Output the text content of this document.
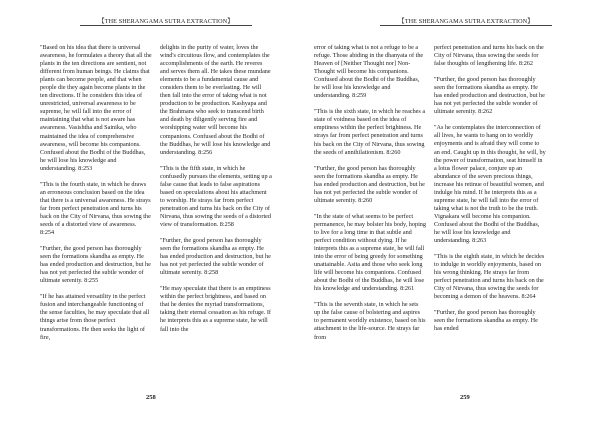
【THE SHERANGAMA SUTRA EXTRACTION】

"Based on his idea that there is universal awareness, he formulates a theory that all the plants in the ten directions are sentient, not different from human beings. He claims that plants can become people, and that when people die they again become plants in the ten directions. If he considers this idea of unrestricted, universal awareness to be supreme, he will fall into the error of maintaining that what is not aware has awareness. Vasishtha and Sainika, who maintained the idea of comprehensive awareness, will become his companions. Confused about the Bodhi of the Buddhas, he will lose his knowledge and understanding. 8:253

"This is the fourth state, in which he draws an erroneous conclusion based on the idea that there is a universal awareness. He strays far from perfect penetration and turns his back on the City of Nirvana, thus sowing the seeds of a distorted view of awareness. 8:254

"Further, the good person has thoroughly seen the formations skandha as empty. He has ended production and destruction, but he has not yet perfected the subtle wonder of ultimate serenity. 8:255

"If he has attained versatility in the perfect fusion and interchangeable functioning of the sense faculties, he may speculate that all things arise from those perfect transformations. He then seeks the light of fire,

delights in the purity of water, loves the wind's circuitous flow, and contemplates the accomplishments of the earth. He reveres and serves them all. He takes these mundane elements to be a fundamental cause and considers them to be everlasting. He will then fall into the error of taking what is not production to be production. Kashyapa and the Brahmans who seek to transcend birth and death by diligently serving fire and worshipping water will become his companions. Confused about the Bodhi of the Buddhas, he will lose his knowledge and understanding. 8:256

"This is the fifth state, in which he confusedly pursues the elements, setting up a false cause that leads to false aspirations based on speculations about his attachment to worship. He strays far from perfect penetration and turns his back on the City of Nirvana, thus sowing the seeds of a distorted view of transformation. 8:258

"Further, the good person has thoroughly seen the formations skandha as empty. He has ended production and destruction, but he has not yet perfected the subtle wonder of ultimate serenity. 8:258

"He may speculate that there is an emptiness within the perfect brightness, and based on that he denies the myriad transformations, taking their eternal cessation as his refuge. If he interprets this as a supreme state, he will fall into the

258
【THE SHERANGAMA SUTRA EXTRACTION】

error of taking what is not a refuge to be a refuge. Those abiding in the dhanyata of the Heaven of [Neither Thought nor] Non-Thought will become his companions. Confused about the Bodhi of the Buddhas, he will lose his knowledge and understanding. 8:259

"This is the sixth state, in which he reaches a state of voidness based on the idea of emptiness within the perfect brightness. He strays far from perfect penetration and turns his back on the City of Nirvana, thus sowing the seeds of annihilationism. 8:260

"Further, the good person has thoroughly seen the formations skandha as empty. He has ended production and destruction, but he has not yet perfected the subtle wonder of ultimate serenity. 8:260

"In the state of what seems to be perfect permanence, he may bolster his body, hoping to live for a long time in that subtle and perfect condition without dying. If he interprets this as a supreme state, he will fall into the error of being greedy for something unattainable. Asita and those who seek long life will become his companions. Confused about the Bodhi of the Buddhas, he will lose his knowledge and understanding. 8:261

"This is the seventh state, in which he sets up the false cause of bolstering and aspires to permanent worldly existence, based on his attachment to the life-source. He strays far from

perfect penetration and turns his back on the City of Nirvana, thus sowing the seeds for false thoughts of lengthening life. 8:262

"Further, the good person has thoroughly seen the formations skandha as empty. He has ended production and destruction, but he has not yet perfected the subtle wonder of ultimate serenity. 8:262

"As he contemplates the interconnection of all lives, he wants to hang on to worldly enjoyments and is afraid they will come to an end. Caught up in this thought, he will, by the power of transformation, seat himself in a lotus flower palace, conjure up an abundance of the seven precious things, increase his retinue of beautiful women, and indulge his mind. If he interprets this as a supreme state, he will fall into the error of taking what is not the truth to be the truth. Vignakara will become his companion. Confused about the Bodhi of the Buddhas, he will lose his knowledge and understanding. 8:263

"This is the eighth state, in which he decides to indulge in worldly enjoyments, based on his wrong thinking. He strays far from perfect penetration and turns his back on the City of Nirvana, thus sowing the seeds for becoming a demon of the heavens. 8:264

"Further, the good person has thoroughly seen the formations skandha as empty. He has ended

259
